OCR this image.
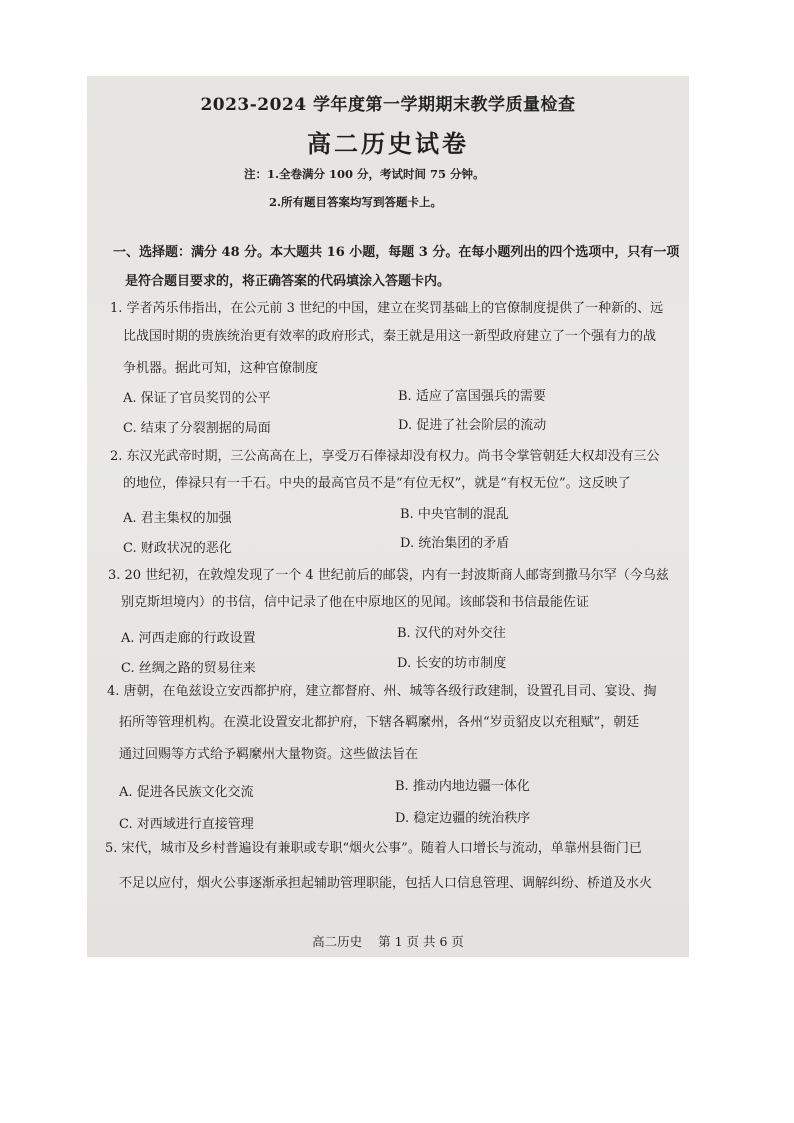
2023-2024 学年度第一学期期末教学质量检查
高二历史试卷
注：1.全卷满分 100 分，考试时间 75 分钟。
2.所有题目答案均写到答题卡上。
一、选择题：满分 48 分。本大题共 16 小题，每题 3 分。在每小题列出的四个选项中，只有一项
是符合题目要求的，将正确答案的代码填涂入答题卡内。
1. 学者芮乐伟指出，在公元前 3 世纪的中国，建立在奖罚基础上的官僚制度提供了一种新的、远
比战国时期的贵族统治更有效率的政府形式，秦王就是用这一新型政府建立了一个强有力的战
争机器。据此可知，这种官僚制度
A. 保证了官员奖罚的公平	B. 适应了富国强兵的需要
C. 结束了分裂割据的局面	D. 促进了社会阶层的流动
2. 东汉光武帝时期，三公高高在上，享受万石俸禄却没有权力。尚书令掌管朝廷大权却没有三公
的地位，俸禄只有一千石。中央的最高官员不是“有位无权”，就是“有权无位”。这反映了
A. 君主集权的加强	B. 中央官制的混乱
C. 财政状况的恶化	D. 统治集团的矛盾
3. 20 世纪初，在敦煌发现了一个 4 世纪前后的邮袋，内有一封波斯商人邮寄到撒马尔罕（今乌兹
别克斯坦境内）的书信，信中记录了他在中原地区的见闻。该邮袋和书信最能佐证
A. 河西走廊的行政设置	B. 汉代的对外交往
C. 丝绸之路的贸易往来	D. 长安的坊市制度
4. 唐朝，在龟兹设立安西都护府，建立都督府、州、城等各级行政建制，设置孔目司、宴设、掏
拓所等管理机构。在漠北设置安北都护府，下辖各羁縻州，各州“岁贡貂皮以充租赋”，朝廷
通过回赐等方式给予羁縻州大量物资。这些做法旨在
A. 促进各民族文化交流	B. 推动内地边疆一体化
C. 对西域进行直接管理	D. 稳定边疆的统治秩序
5. 宋代，城市及乡村普遍设有兼职或专职“烟火公事”。随着人口增长与流动，单靠州县衙门已
不足以应付，烟火公事逐渐承担起辅助管理职能，包括人口信息管理、调解纠纷、桥道及水火
高二历史 第 1 页 共 6 页
